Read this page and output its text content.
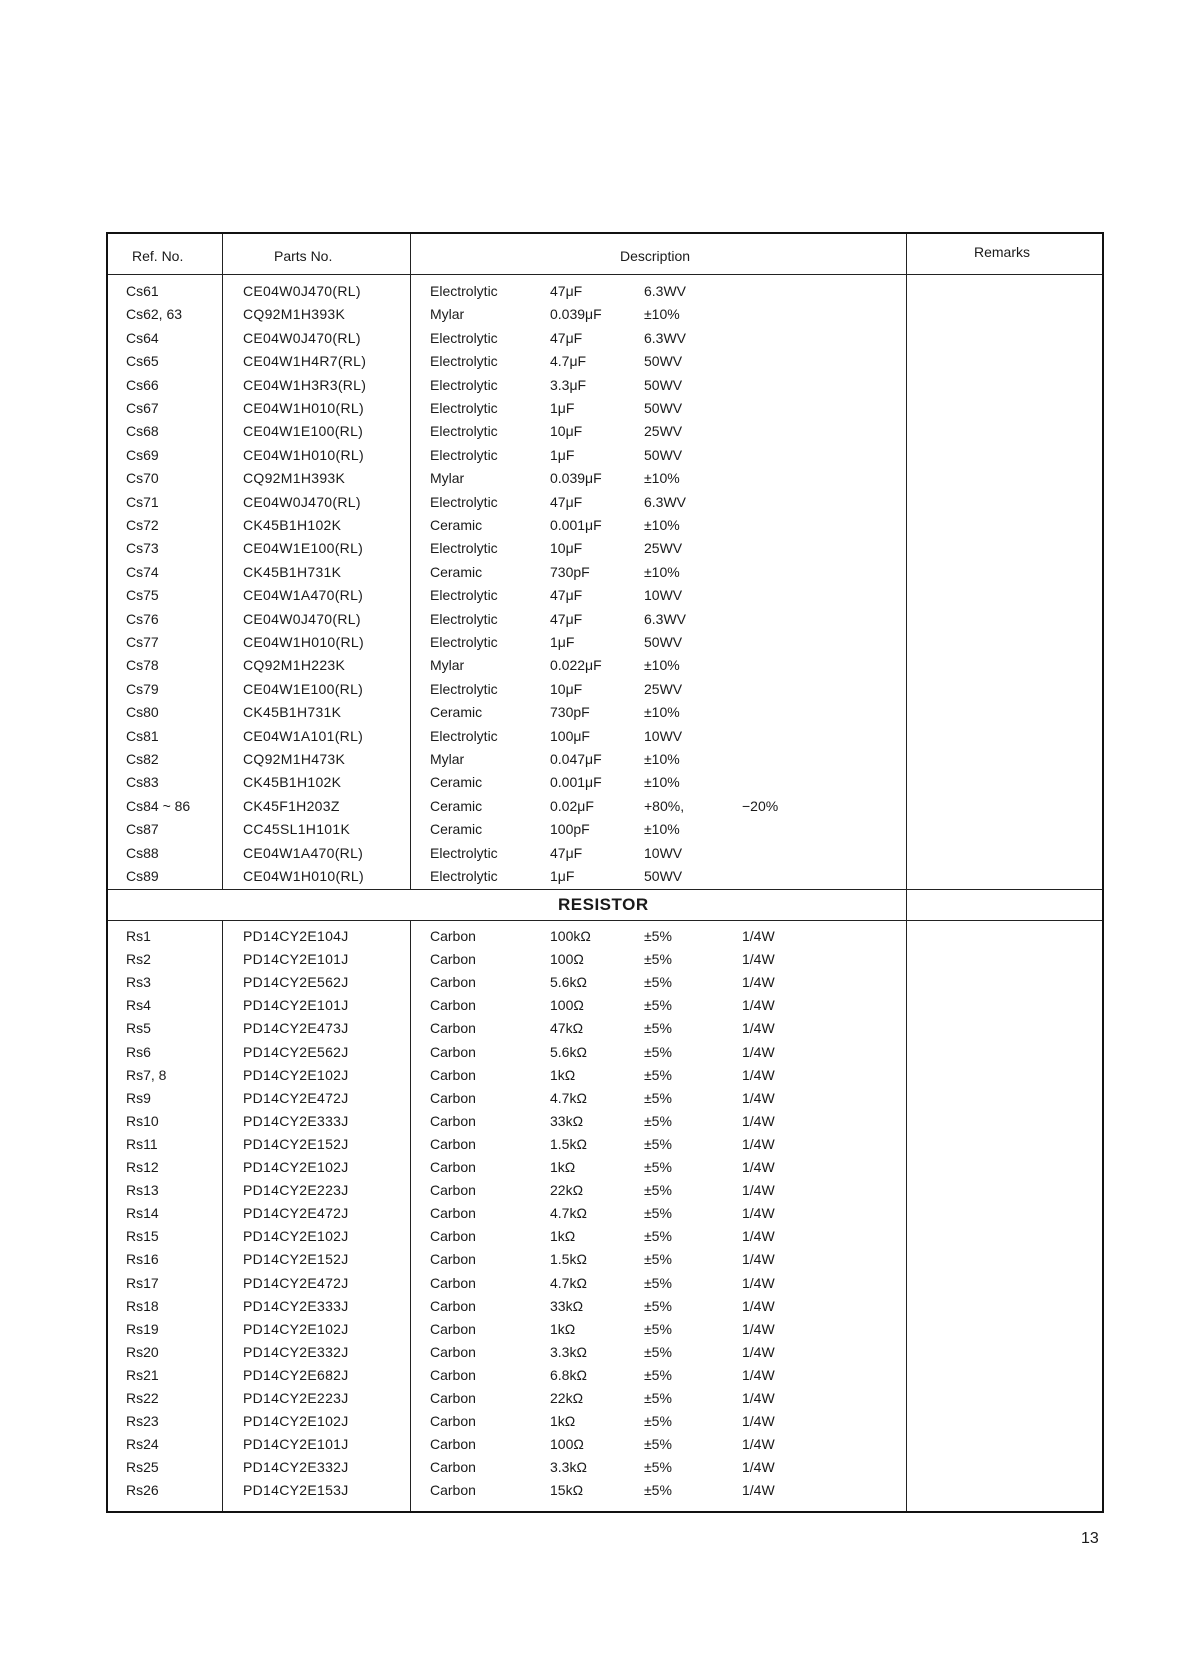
Ref. No.	Parts No.	Description	Remarks
Cs61	CE04W0J470(RL)	Electrolytic	47μF	6.3WV
Cs62, 63	CQ92M1H393K	Mylar	0.039μF	±10%
Cs64	CE04W0J470(RL)	Electrolytic	47μF	6.3WV
Cs65	CE04W1H4R7(RL)	Electrolytic	4.7μF	50WV
Cs66	CE04W1H3R3(RL)	Electrolytic	3.3μF	50WV
Cs67	CE04W1H010(RL)	Electrolytic	1μF	50WV
Cs68	CE04W1E100(RL)	Electrolytic	10μF	25WV
Cs69	CE04W1H010(RL)	Electrolytic	1μF	50WV
Cs70	CQ92M1H393K	Mylar	0.039μF	±10%
Cs71	CE04W0J470(RL)	Electrolytic	47μF	6.3WV
Cs72	CK45B1H102K	Ceramic	0.001μF	±10%
Cs73	CE04W1E100(RL)	Electrolytic	10μF	25WV
Cs74	CK45B1H731K	Ceramic	730pF	±10%
Cs75	CE04W1A470(RL)	Electrolytic	47μF	10WV
Cs76	CE04W0J470(RL)	Electrolytic	47μF	6.3WV
Cs77	CE04W1H010(RL)	Electrolytic	1μF	50WV
Cs78	CQ92M1H223K	Mylar	0.022μF	±10%
Cs79	CE04W1E100(RL)	Electrolytic	10μF	25WV
Cs80	CK45B1H731K	Ceramic	730pF	±10%
Cs81	CE04W1A101(RL)	Electrolytic	100μF	10WV
Cs82	CQ92M1H473K	Mylar	0.047μF	±10%
Cs83	CK45B1H102K	Ceramic	0.001μF	±10%
Cs84 ~ 86	CK45F1H203Z	Ceramic	0.02μF	+80%,	−20%
Cs87	CC45SL1H101K	Ceramic	100pF	±10%
Cs88	CE04W1A470(RL)	Electrolytic	47μF	10WV
Cs89	CE04W1H010(RL)	Electrolytic	1μF	50WV
RESISTOR
Rs1	PD14CY2E104J	Carbon	100kΩ	±5%	1/4W
Rs2	PD14CY2E101J	Carbon	100Ω	±5%	1/4W
Rs3	PD14CY2E562J	Carbon	5.6kΩ	±5%	1/4W
Rs4	PD14CY2E101J	Carbon	100Ω	±5%	1/4W
Rs5	PD14CY2E473J	Carbon	47kΩ	±5%	1/4W
Rs6	PD14CY2E562J	Carbon	5.6kΩ	±5%	1/4W
Rs7, 8	PD14CY2E102J	Carbon	1kΩ	±5%	1/4W
Rs9	PD14CY2E472J	Carbon	4.7kΩ	±5%	1/4W
Rs10	PD14CY2E333J	Carbon	33kΩ	±5%	1/4W
Rs11	PD14CY2E152J	Carbon	1.5kΩ	±5%	1/4W
Rs12	PD14CY2E102J	Carbon	1kΩ	±5%	1/4W
Rs13	PD14CY2E223J	Carbon	22kΩ	±5%	1/4W
Rs14	PD14CY2E472J	Carbon	4.7kΩ	±5%	1/4W
Rs15	PD14CY2E102J	Carbon	1kΩ	±5%	1/4W
Rs16	PD14CY2E152J	Carbon	1.5kΩ	±5%	1/4W
Rs17	PD14CY2E472J	Carbon	4.7kΩ	±5%	1/4W
Rs18	PD14CY2E333J	Carbon	33kΩ	±5%	1/4W
Rs19	PD14CY2E102J	Carbon	1kΩ	±5%	1/4W
Rs20	PD14CY2E332J	Carbon	3.3kΩ	±5%	1/4W
Rs21	PD14CY2E682J	Carbon	6.8kΩ	±5%	1/4W
Rs22	PD14CY2E223J	Carbon	22kΩ	±5%	1/4W
Rs23	PD14CY2E102J	Carbon	1kΩ	±5%	1/4W
Rs24	PD14CY2E101J	Carbon	100Ω	±5%	1/4W
Rs25	PD14CY2E332J	Carbon	3.3kΩ	±5%	1/4W
Rs26	PD14CY2E153J	Carbon	15kΩ	±5%	1/4W
13
